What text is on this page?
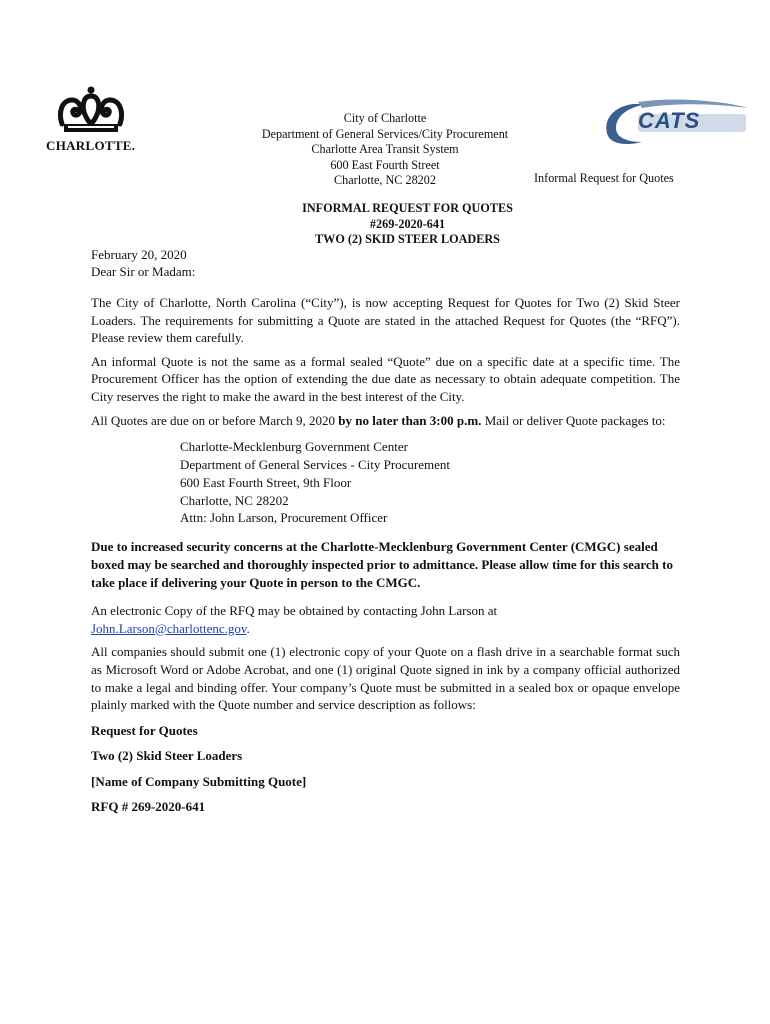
CHARLOTTE.
CATS
City of Charlotte
Department of General Services/City Procurement
Charlotte Area Transit System
600 East Fourth Street
Charlotte, NC 28202	Informal Request for Quotes
INFORMAL REQUEST FOR QUOTES
#269-2020-641
TWO (2) SKID STEER LOADERS
February 20, 2020
Dear Sir or Madam:

The City of Charlotte, North Carolina (“City”), is now accepting Request for Quotes for Two (2) Skid Steer Loaders. The requirements for submitting a Quote are stated in the attached Request for Quotes (the “RFQ”). Please review them carefully.

An informal Quote is not the same as a formal sealed “Quote” due on a specific date at a specific time. The Procurement Officer has the option of extending the due date as necessary to obtain adequate competition. The City reserves the right to make the award in the best interest of the City.

All Quotes are due on or before March 9, 2020 by no later than 3:00 p.m. Mail or deliver Quote packages to:

Charlotte-Mecklenburg Government Center
Department of General Services - City Procurement
600 East Fourth Street, 9th Floor
Charlotte, NC 28202
Attn: John Larson, Procurement Officer

Due to increased security concerns at the Charlotte-Mecklenburg Government Center (CMGC) sealed boxed may be searched and thoroughly inspected prior to admittance. Please allow time for this search to take place if delivering your Quote in person to the CMGC.

An electronic Copy of the RFQ may be obtained by contacting John Larson at
John.Larson@charlottenc.gov.

All companies should submit one (1) electronic copy of your Quote on a flash drive in a searchable format such as Microsoft Word or Adobe Acrobat, and one (1) original Quote signed in ink by a company official authorized to make a legal and binding offer. Your company’s Quote must be submitted in a sealed box or opaque envelope plainly marked with the Quote number and service description as follows:

Request for Quotes
Two (2) Skid Steer Loaders
[Name of Company Submitting Quote]
RFQ # 269-2020-641
